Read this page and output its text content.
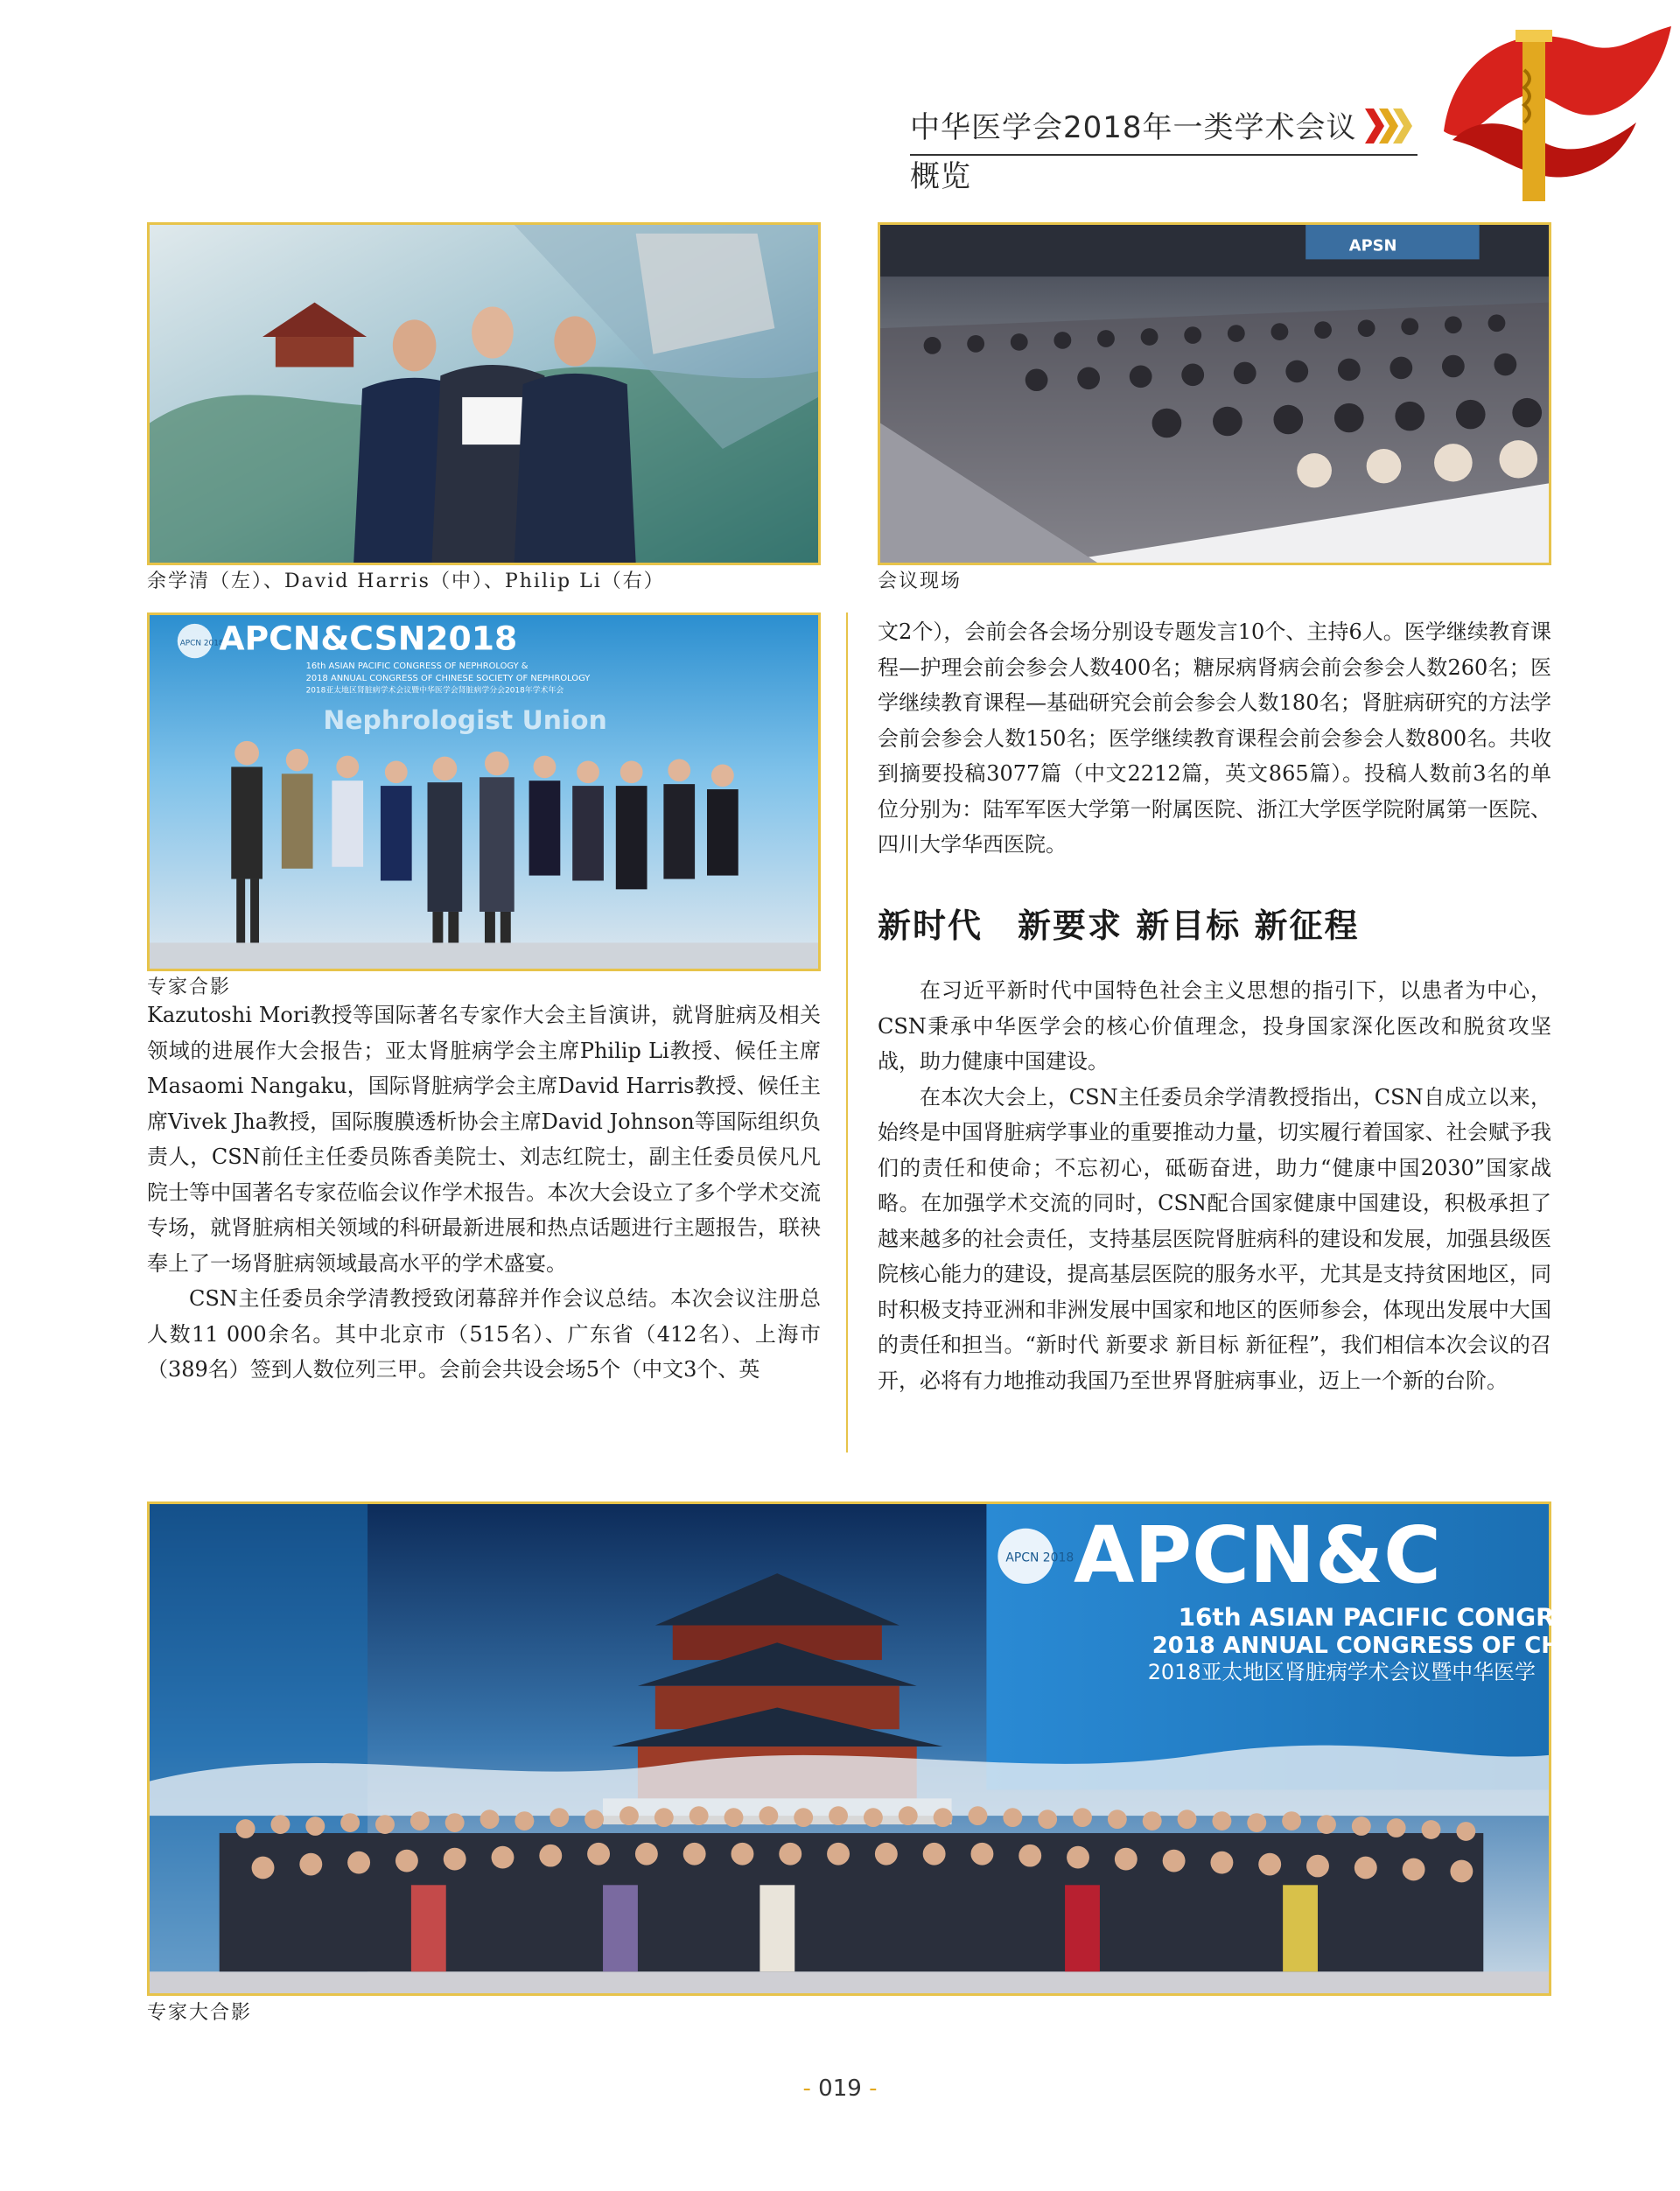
中华医学会2018年一类学术会议概览
余学清（左）、David Harris（中）、Philip Li（右）
APSN
会议现场
APCN 2018
APCN&CSN2018
16th ASIAN PACIFIC CONGRESS OF NEPHROLOGY &
2018 ANNUAL CONGRESS OF CHINESE SOCIETY OF NEPHROLOGY
2018亚太地区肾脏病学术会议暨中华医学会肾脏病学分会2018年学术年会
Nephrologist Union
专家合影

Kazutoshi Mori教授等国际著名专家作大会主旨演讲，就肾脏病及相关领域的进展作大会报告；亚太肾脏病学会主席Philip Li教授、候任主席Masaomi Nangaku，国际肾脏病学会主席David Harris教授、候任主席Vivek Jha教授，国际腹膜透析协会主席David Johnson等国际组织负责人，CSN前任主任委员陈香美院士、刘志红院士，副主任委员侯凡凡院士等中国著名专家莅临会议作学术报告。本次大会设立了多个学术交流专场，就肾脏病相关领域的科研最新进展和热点话题进行主题报告，联袂奉上了一场肾脏病领域最高水平的学术盛宴。

CSN主任委员余学清教授致闭幕辞并作会议总结。本次会议注册总人数11 000余名。其中北京市（515名）、广东省（412名）、上海市（389名）签到人数位列三甲。会前会共设会场5个（中文3个、英

文2个），会前会各会场分别设专题发言10个、主持6人。医学继续教育课程—护理会前会参会人数400名；糖尿病肾病会前会参会人数260名；医学继续教育课程—基础研究会前会参会人数180名；肾脏病研究的方法学会前会参会人数150名；医学继续教育课程会前会参会人数800名。共收到摘要投稿3077篇（中文2212篇，英文865篇）。投稿人数前3名的单位分别为：陆军军医大学第一附属医院、浙江大学医学院附属第一医院、四川大学华西医院。

新时代　新要求 新目标 新征程

在习近平新时代中国特色社会主义思想的指引下，以患者为中心，CSN秉承中华医学会的核心价值理念，投身国家深化医改和脱贫攻坚战，助力健康中国建设。

在本次大会上，CSN主任委员余学清教授指出，CSN自成立以来，始终是中国肾脏病学事业的重要推动力量，切实履行着国家、社会赋予我们的责任和使命；不忘初心，砥砺奋进，助力“健康中国2030”国家战略。在加强学术交流的同时，CSN配合国家健康中国建设，积极承担了越来越多的社会责任，支持基层医院肾脏病科的建设和发展，加强县级医院核心能力的建设，提高基层医院的服务水平，尤其是支持贫困地区，同时积极支持亚洲和非洲发展中国家和地区的医师参会，体现出发展中大国的责任和担当。“新时代 新要求 新目标 新征程”，我们相信本次会议的召开，必将有力地推动我国乃至世界肾脏病事业，迈上一个新的台阶。

APCN 2018 APCN&C
16th ASIAN PACIFIC CONGRESS
2018 ANNUAL CONGRESS OF CHINES
2018亚太地区肾脏病学术会议暨中华医学
专家大合影
- 019 -
